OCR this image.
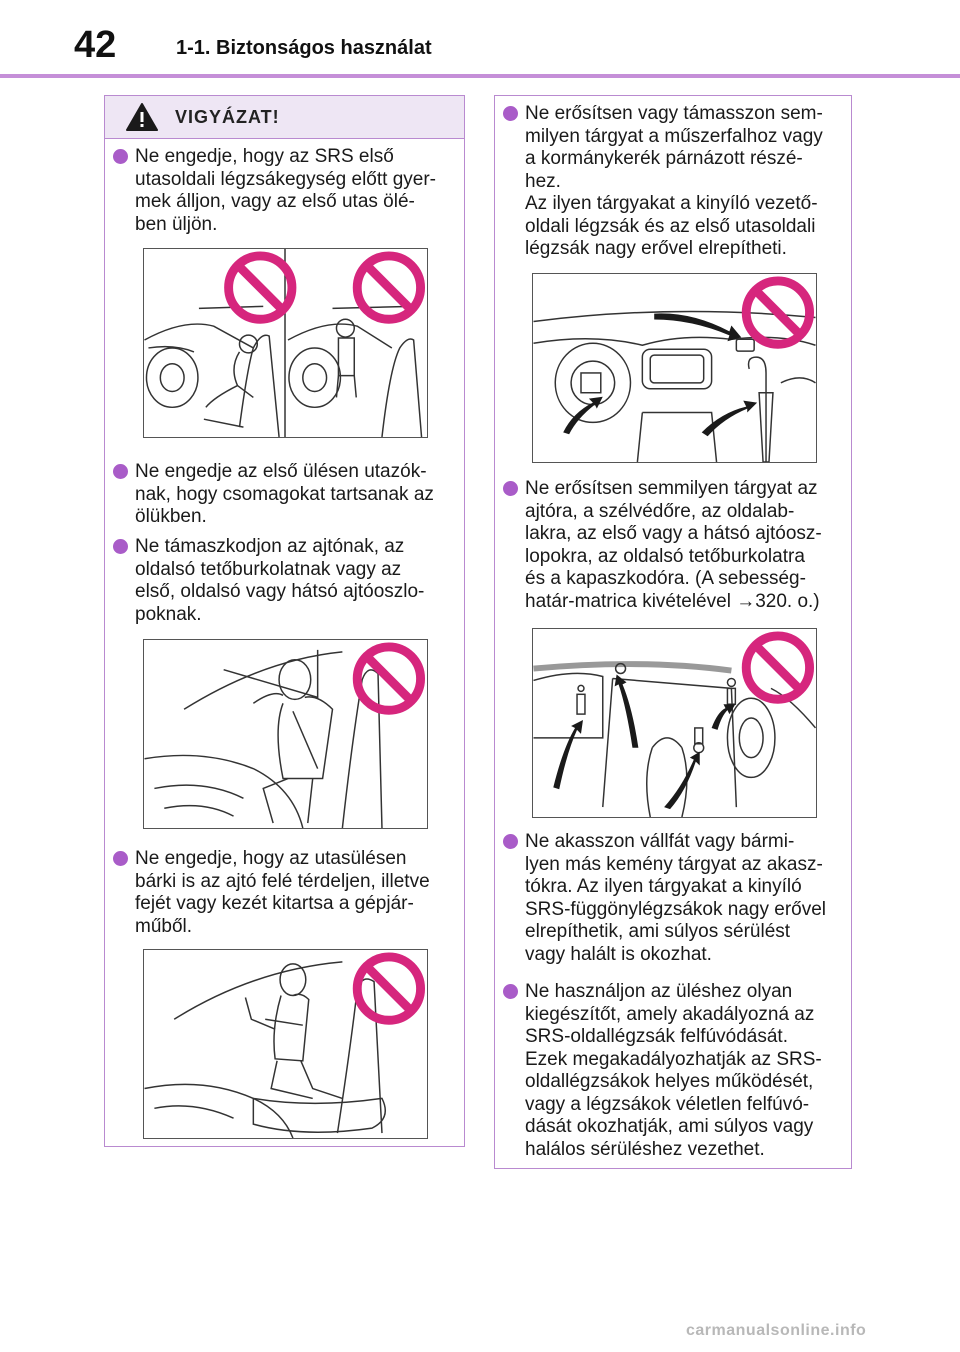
42	1-1. Biztonságos használat
VIGYÁZAT!
Ne engedje, hogy az SRS első
utasoldali légzsákegység előtt gyer-
mek álljon, vagy az első utas ölé-
ben üljön.
Ne engedje az első ülésen utazók-
nak, hogy csomagokat tartsanak az
ölükben.
Ne támaszkodjon az ajtónak, az
oldalsó tetőburkolatnak vagy az
első, oldalsó vagy hátsó ajtóoszlo-
poknak.
Ne engedje, hogy az utasülésen
bárki is az ajtó felé térdeljen, illetve
fejét vagy kezét kitartsa a gépjár-
műből.
Ne erősítsen vagy támasszon sem-
milyen tárgyat a műszerfalhoz vagy
a kormánykerék párnázott részé-
hez.
Az ilyen tárgyakat a kinyíló vezető-
oldali légzsák és az első utasoldali
légzsák nagy erővel elrepítheti.
Ne erősítsen semmilyen tárgyat az
ajtóra, a szélvédőre, az oldalab-
lakra, az első vagy a hátsó ajtóosz-
lopokra, az oldalsó tetőburkolatra
és a kapaszkodóra. (A sebesség-
határ-matrica kivételével →320. o.)
Ne akasszon vállfát vagy bármi-
lyen más kemény tárgyat az akasz-
tókra. Az ilyen tárgyakat a kinyíló
SRS-függönylégzsákok nagy erővel
elrepíthetik, ami súlyos sérülést
vagy halált is okozhat.
Ne használjon az üléshez olyan
kiegészítőt, amely akadályozná az
SRS-oldallégzsák felfúvódását.
Ezek megakadályozhatják az SRS-
oldallégzsákok helyes működését,
vagy a légzsákok véletlen felfúvó-
dását okozhatják, ami súlyos vagy
halálos sérüléshez vezethet.
carmanualsonline.info
